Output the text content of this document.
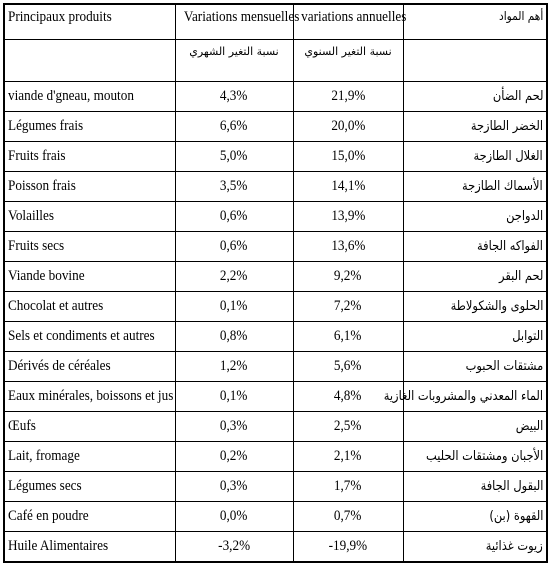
Principaux produits	Variations mensuelles	variations annuelles	أهم المواد
	نسبة التغير الشهري	نسبة التغير السنوي	
viande d'gneau, mouton	4,3%	21,9%	لحم الضأن
Légumes frais	6,6%	20,0%	الخضر الطازجة
Fruits frais	5,0%	15,0%	الغلال الطازجة
Poisson frais	3,5%	14,1%	الأسماك الطازجة
Volailles	0,6%	13,9%	الدواجن
Fruits secs	0,6%	13,6%	الفواكه الجافة
Viande bovine	2,2%	9,2%	لحم البقر
Chocolat et autres	0,1%	7,2%	الحلوى والشكولاطة
Sels et condiments et autres	0,8%	6,1%	التوابل
Dérivés de céréales	1,2%	5,6%	مشتقات الحبوب
Eaux minérales, boissons et jus	0,1%	4,8%	الماء المعدني والمشروبات الغازية
Œufs	0,3%	2,5%	البيض
Lait, fromage	0,2%	2,1%	الأجبان ومشتقات الحليب
Légumes secs	0,3%	1,7%	البقول الجافة
Café en poudre	0,0%	0,7%	القهوة (بن)
Huile Alimentaires	-3,2%	-19,9%	زيوت غذائية
